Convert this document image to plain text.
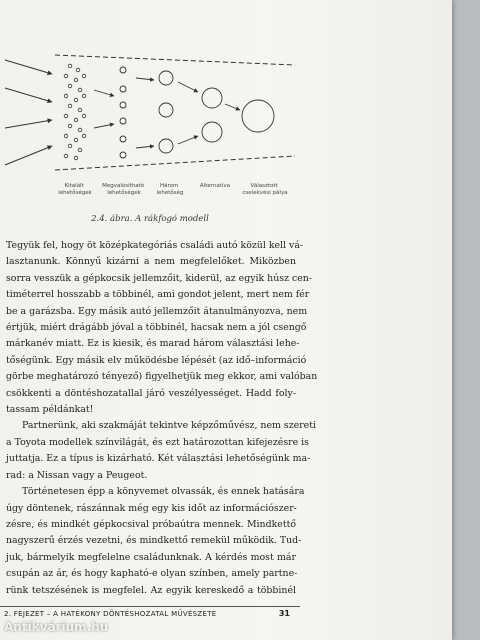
Kitalált lehetőségek
Megvalósítható lehetőségek
Három lehetőség
Alternatíva	Választott cselekvési pálya
2.4. ábra. A rákfogó modell
Tegyük fel, hogy öt középkategóriás családi autó közül kell vá-
lasztanunk. Könnyű kizárni a nem megfelelőket. Miközben
sorra vesszük a gépkocsik jellemzőit, kiderül, az egyik húsz cen-
timéterrel hosszabb a többinél, ami gondot jelent, mert nem fér
be a garázsba. Egy másik autó jellemzőit átanulmányozva, nem
értjük, miért drágább jóval a többinél, hacsak nem a jól csengő
márkanév miatt. Ez is kiesik, és marad három választási lehe-
tőségünk. Egy másik elv működésbe lépését (az idő–információ
görbe meghatározó tényező) figyelhetjük meg ekkor, ami valóban
csökkenti a döntéshozatallal járó veszélyességet. Hadd foly-
tassam példánkat!
Partnerünk, aki szakmáját tekintve képzőművész, nem szereti
a Toyota modellek színvilágát, és ezt határozottan kifejezésre is
juttatja. Ez a típus is kizárható. Két választási lehetőségünk ma-
rad: a Nissan vagy a Peugeot.
Történetesen épp a könyvemet olvassák, és ennek hatására
úgy döntenek, rászánnak még egy kis időt az információszer-
zésre, és mindkét gépkocsival próbaútra mennek. Mindkettő
nagyszerű érzés vezetni, és mindkettő remekül működik. Tud-
juk, bármelyik megfelelne családunknak. A kérdés most már
csupán az ár, és hogy kapható-e olyan színben, amely partne-
rünk tetszésének is megfelel. Az egyik kereskedő a többinél
2. FEJEZET – A HATÉKONY DÖNTÉSHOZATAL MŰVÉSZETE	31
Antikvárium.hu
